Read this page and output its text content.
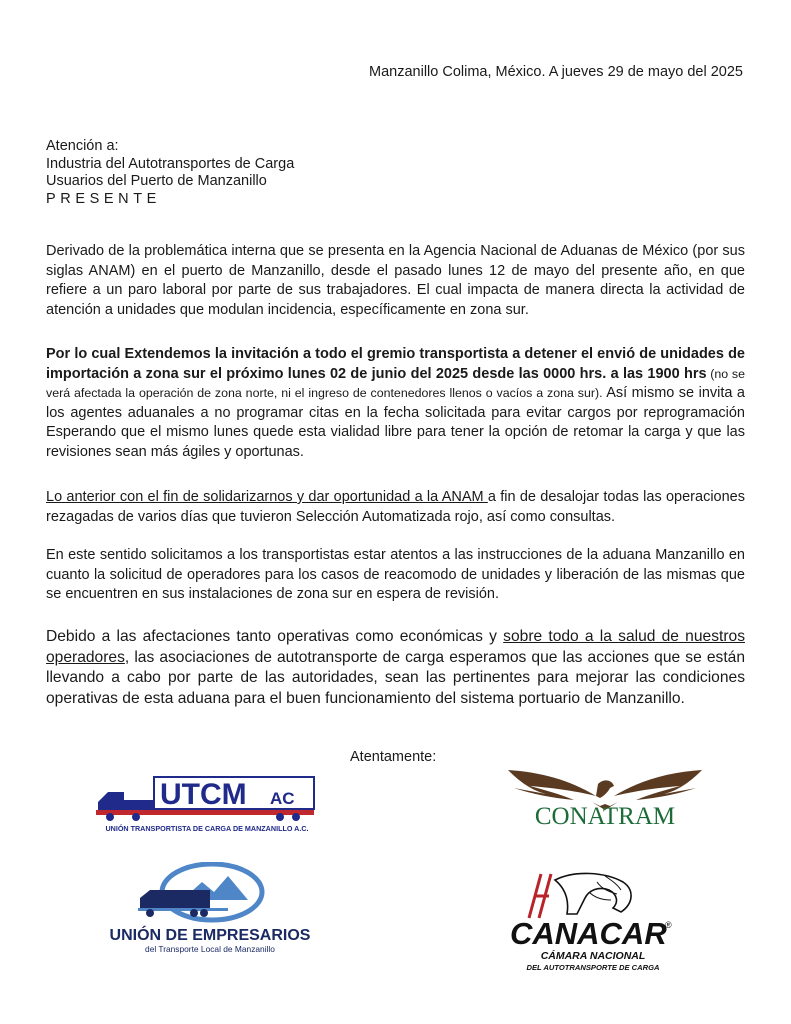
Manzanillo Colima, México. A jueves 29 de mayo del 2025
Atención a:
Industria del Autotransportes de Carga
Usuarios del Puerto de Manzanillo
PRESENTE

Derivado de la problemática interna que se presenta en la Agencia Nacional de Aduanas de México (por sus siglas ANAM) en el puerto de Manzanillo, desde el pasado lunes 12 de mayo del presente año, en que refiere a un paro laboral por parte de sus trabajadores. El cual impacta de manera directa la actividad de atención a unidades que modulan incidencia, específicamente en zona sur.

Por lo cual Extendemos la invitación a todo el gremio transportista a detener el envió de unidades de importación a zona sur el próximo lunes 02 de junio del 2025 desde las 0000 hrs. a las 1900 hrs (no se verá afectada la operación de zona norte, ni el ingreso de contenedores llenos o vacíos a zona sur). Así mismo se invita a los agentes aduanales a no programar citas en la fecha solicitada para evitar cargos por reprogramación Esperando que el mismo lunes quede esta vialidad libre para tener la opción de retomar la carga y que las revisiones sean más ágiles y oportunas.

Lo anterior con el fin de solidarizarnos y dar oportunidad a la ANAM a fin de desalojar todas las operaciones rezagadas de varios días que tuvieron Selección Automatizada rojo, así como consultas.

En este sentido solicitamos a los transportistas estar atentos a las instrucciones de la aduana Manzanillo en cuanto la solicitud de operadores para los casos de reacomodo de unidades y liberación de las mismas que se encuentren en sus instalaciones de zona sur en espera de revisión.

Debido a las afectaciones tanto operativas como económicas y sobre todo a la salud de nuestros operadores, las asociaciones de autotransporte de carga esperamos que las acciones que se están llevando a cabo por parte de las autoridades, sean las pertinentes para mejorar las condiciones operativas de esta aduana para el buen funcionamiento del sistema portuario de Manzanillo.

Atentamente:
UTCM AC
UNIÓN TRANSPORTISTA DE CARGA DE MANZANILLO A.C.	CONATRAM
UNIÓN DE EMPRESARIOS
del Transporte Local de Manzanillo	CANACAR
®
CÁMARA NACIONAL
DEL AUTOTRANSPORTE DE CARGA
